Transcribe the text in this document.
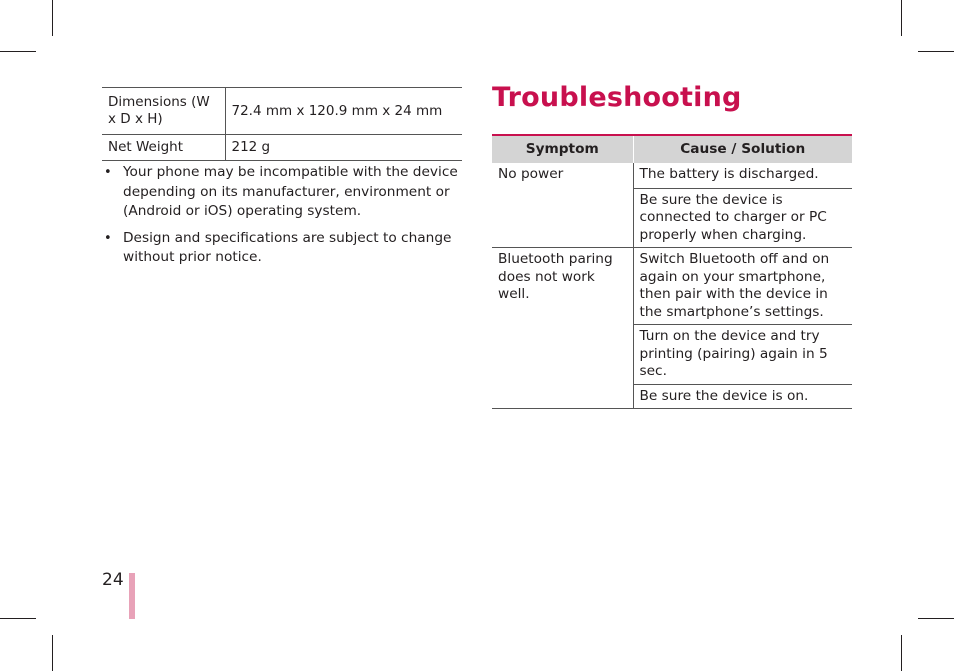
Dimensions (W x D x H)	72.4 mm x 120.9 mm x 24 mm
Net Weight	212 g
• Your phone may be incompatible with the device depending on its manufacturer, environment or (Android or iOS) operating system.
• Design and specifications are subject to change without prior notice.
Troubleshooting
Symptom	Cause / Solution
No power	The battery is discharged.
	Be sure the device is connected to charger or PC properly when charging.
Bluetooth paring does not work well.	Switch Bluetooth off and on again on your smartphone, then pair with the device in the smartphone’s settings.
	Turn on the device and try printing (pairing) again in 5 sec.
	Be sure the device is on.
24
